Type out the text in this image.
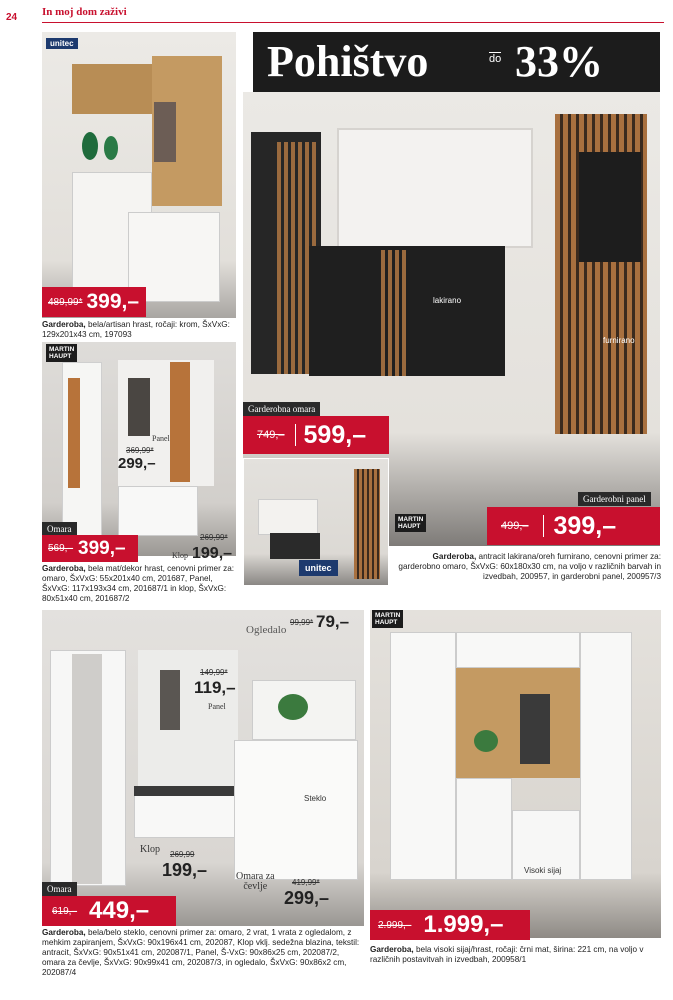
24 In moj dom zaživi
unitec
489,99* 399,–
Garderoba, bela/artisan hrast, ročaji: krom, ŠxVxG: 129x201x43 cm, 197093
MARTIN
HAUPT
Panel
369,99*
299,–
Omara
569,– 399,–	269,99*
Klop 199,–
Garderoba, bela mat/dekor hrast, cenovni primer za: omaro, ŠxVxG: 55x201x40 cm, 201687, Panel, ŠxVxG: 117x193x34 cm, 201687/1 in klop, ŠxVxG: 80x51x40 cm, 201687/2
Pohištvo	do 33%
lakirano
furnirano
Garderobna omara
749,– 599,–
Garderobni panel
499,– 399,–
unitec
MARTIN
HAUPT
Garderoba, antracit lakirana/oreh furnirano, cenovni primer za: garderobno omaro, ŠxVxG: 60x180x30 cm, na voljo v različnih barvah in izvedbah, 200957, in garderobni panel, 200957/3
Ogledalo
99,99* 79,–
149,99*
119,–
Panel
Steklo
Klop 269,99
199,–	Omara za
čevlje	419,99*
299,–
Omara
619,– 449,–
Garderoba, bela/belo steklo, cenovni primer za: omaro, 2 vrat, 1 vrata z ogledalom, z mehkim zapiranjem, ŠxVxG: 90x196x41 cm, 202087, Klop vklj. sedežna blazina, tekstil: antracit, ŠxVxG: 90x51x41 cm, 202087/1, Panel, Š-VxG: 90x86x25 cm, 202087/2, omara za čevlje, ŠxVxG: 90x99x41 cm, 202087/3, in ogledalo, ŠxVxG: 90x86x2 cm, 202087/4
MARTIN
HAUPT
Visoki sijaj
2.999,– 1.999,–
Garderoba, bela visoki sijaj/hrast, ročaji: črni mat, širina: 221 cm, na voljo v različnih postavitvah in izvedbah, 200958/1
